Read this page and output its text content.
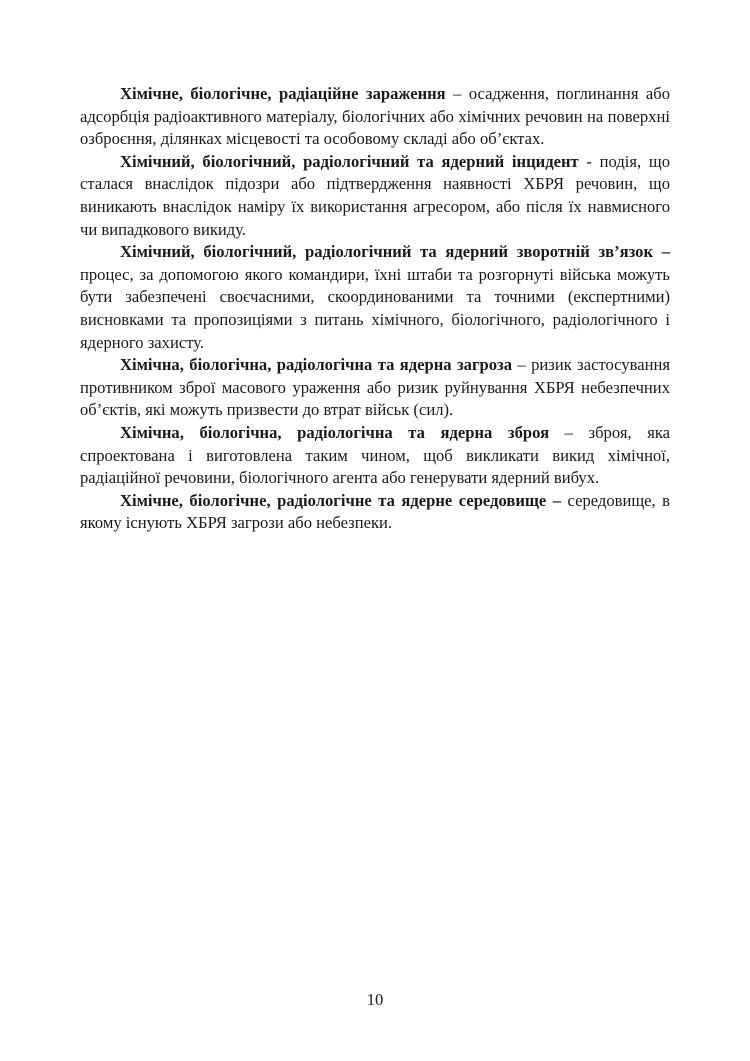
Хімічне, біологічне, радіаційне зараження – осадження, поглинання або адсорбція радіоактивного матеріалу, біологічних або хімічних речовин на поверхні озброєння, ділянках місцевості та особовому складі або об’єктах.

Хімічний, біологічний, радіологічний та ядерний інцидент - подія, що сталася внаслідок підозри або підтвердження наявності ХБРЯ речовин, що виникають внаслідок наміру їх використання агресором, або після їх навмисного чи випадкового викиду.

Хімічний, біологічний, радіологічний та ядерний зворотній зв’язок – процес, за допомогою якого командири, їхні штаби та розгорнуті війська можуть бути забезпечені своєчасними, скоординованими та точними (експертними) висновками та пропозиціями з питань хімічного, біологічного, радіологічного і ядерного захисту.

Хімічна, біологічна, радіологічна та ядерна загроза – ризик застосування противником зброї масового ураження або ризик руйнування ХБРЯ небезпечних об’єктів, які можуть призвести до втрат військ (сил).

Хімічна, біологічна, радіологічна та ядерна зброя – зброя, яка спроектована і виготовлена таким чином, щоб викликати викид хімічної, радіаційної речовини, біологічного агента або генерувати ядерний вибух.

Хімічне, біологічне, радіологічне та ядерне середовище – середовище, в якому існують ХБРЯ загрози або небезпеки.

10
